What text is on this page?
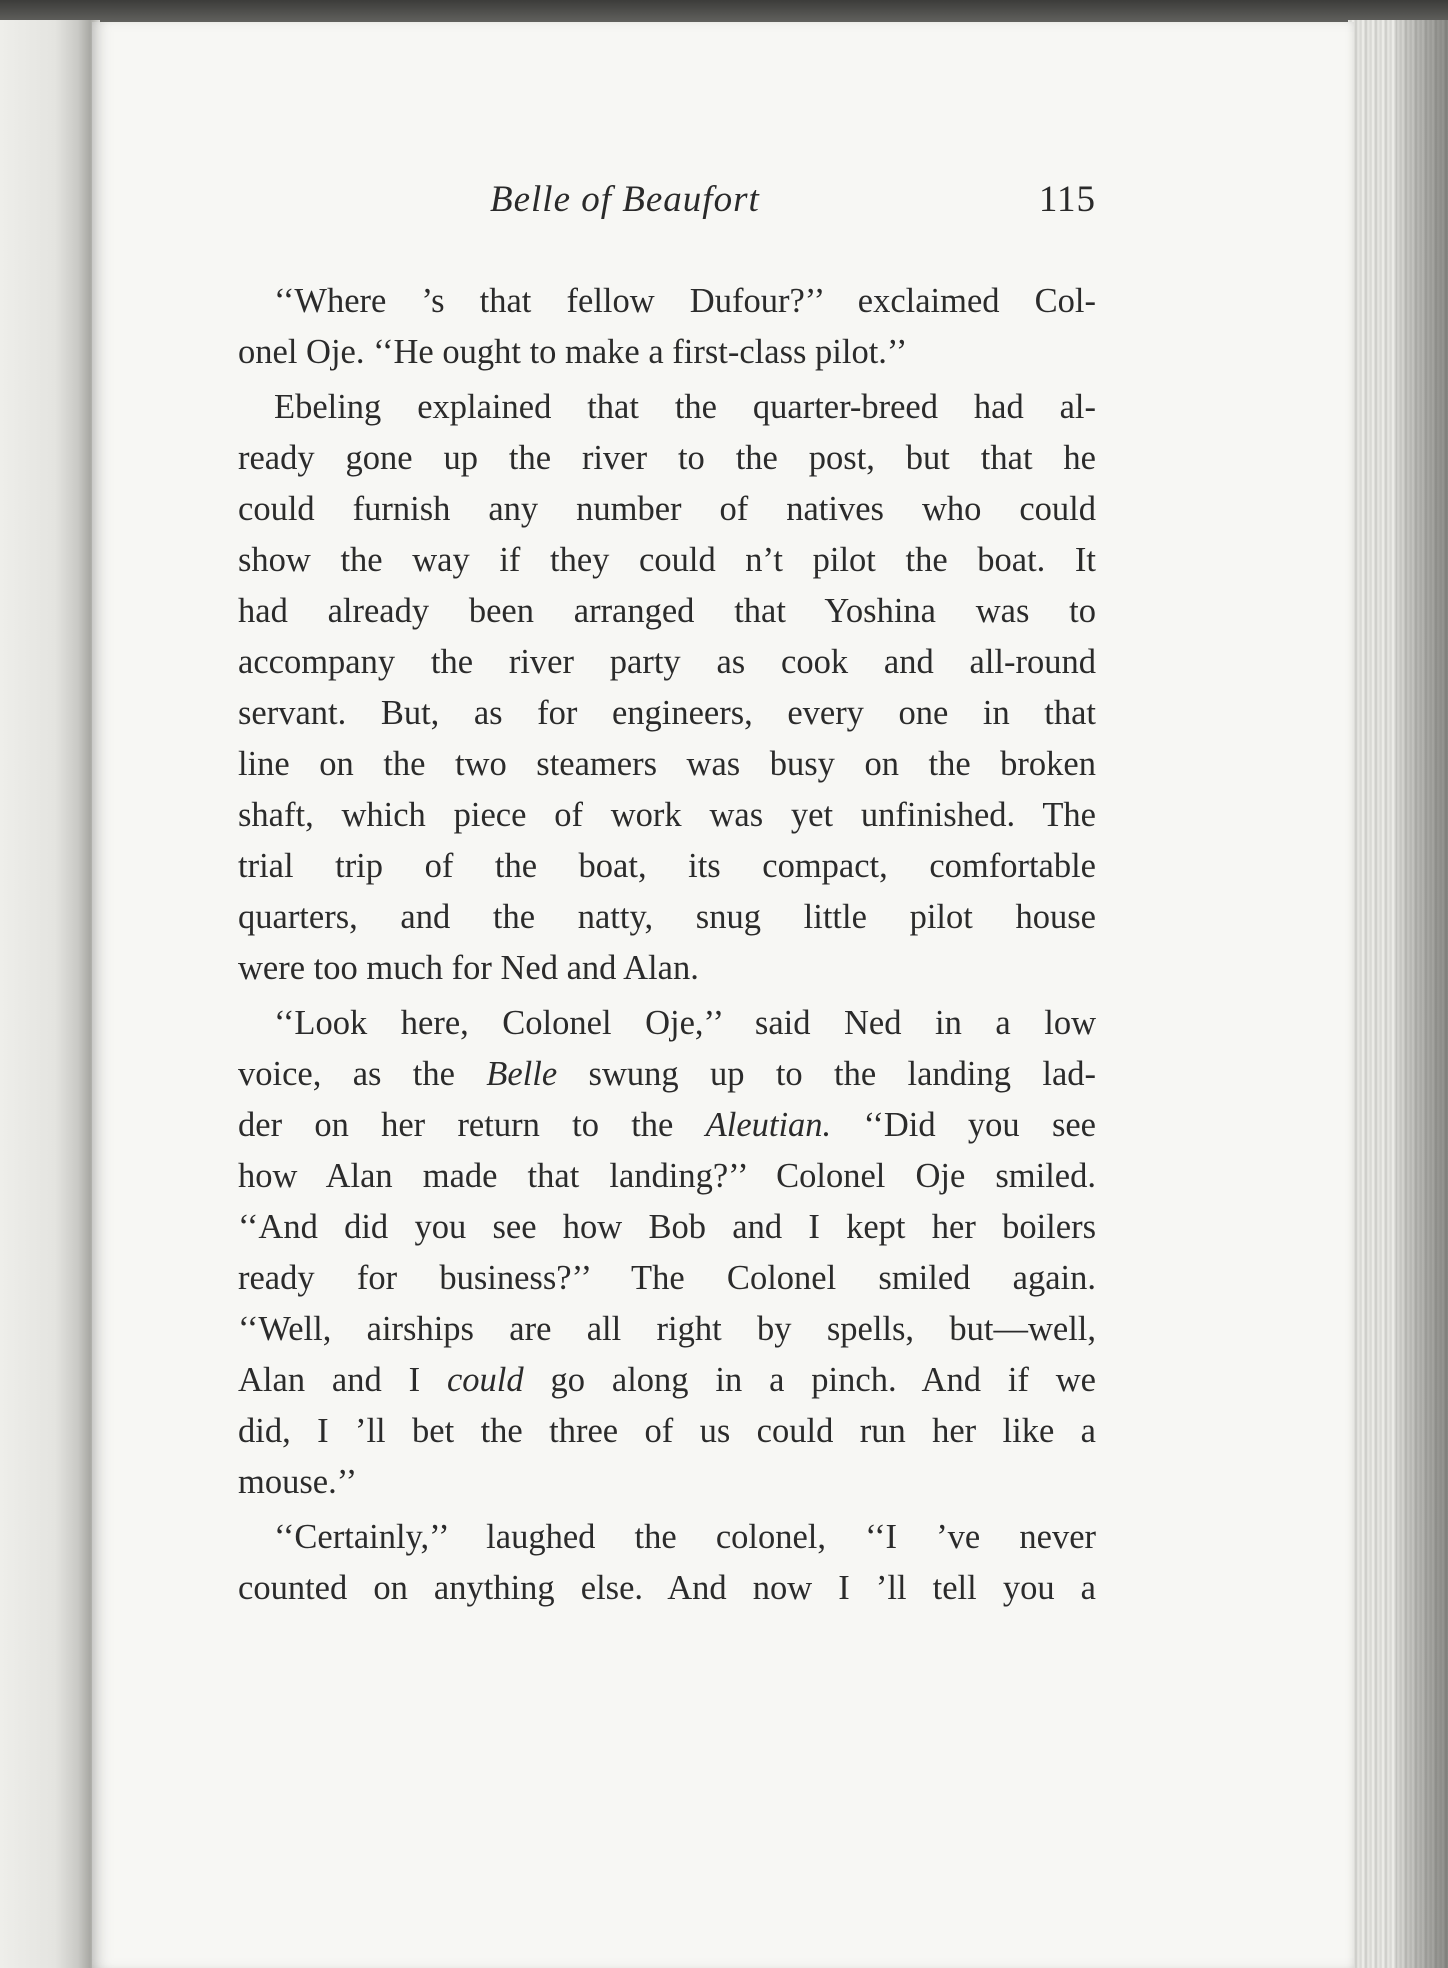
Belle of Beaufort	115
‘‘Where ’s that fellow Dufour?’’ exclaimed Col-
onel Oje. ‘‘He ought to make a first-class pilot.’’
Ebeling explained that the quarter-breed had al-
ready gone up the river to the post, but that he
could furnish any number of natives who could
show the way if they could n’t pilot the boat. It
had already been arranged that Yoshina was to
accompany the river party as cook and all-round
servant. But, as for engineers, every one in that
line on the two steamers was busy on the broken
shaft, which piece of work was yet unfinished. The
trial trip of the boat, its compact, comfortable
quarters, and the natty, snug little pilot house
were too much for Ned and Alan.
‘‘Look here, Colonel Oje,’’ said Ned in a low
voice, as the Belle swung up to the landing lad-
der on her return to the Aleutian. ‘‘Did you see
how Alan made that landing?’’ Colonel Oje smiled.
‘‘And did you see how Bob and I kept her boilers
ready for business?’’ The Colonel smiled again.
‘‘Well, airships are all right by spells, but—well,
Alan and I could go along in a pinch. And if we
did, I ’ll bet the three of us could run her like a
mouse.’’
‘‘Certainly,’’ laughed the colonel, ‘‘I ’ve never
counted on anything else. And now I ’ll tell you a
